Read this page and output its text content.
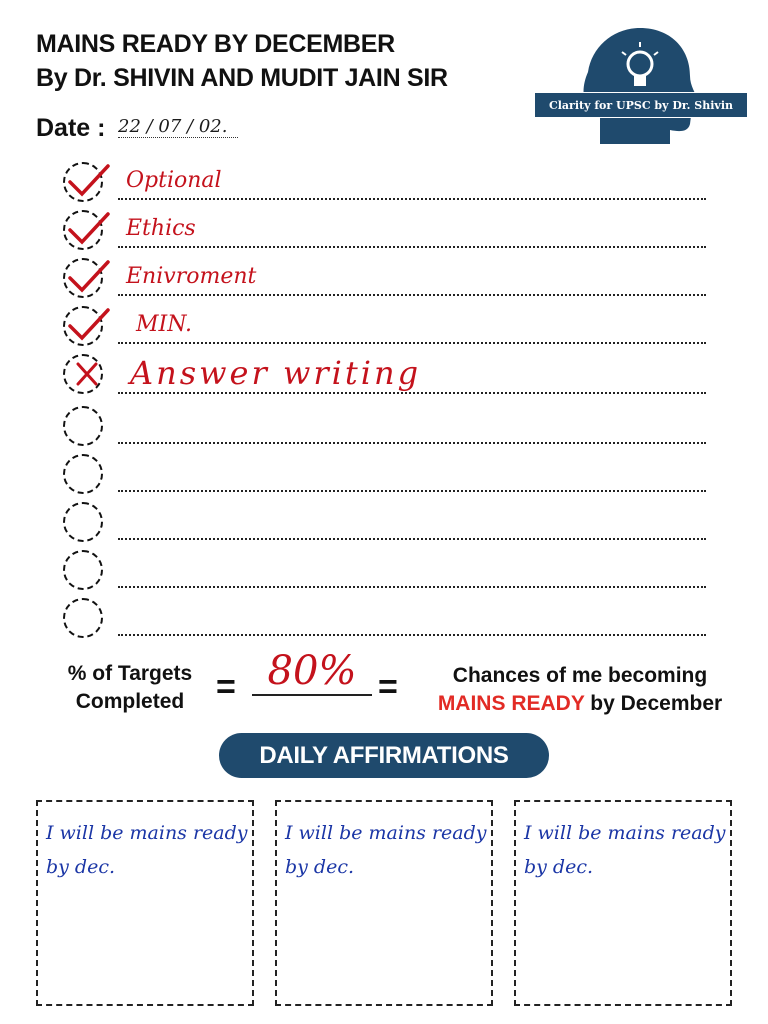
MAINS READY BY DECEMBER
By Dr. SHIVIN AND MUDIT JAIN SIR
Date : 22 / 07 / 02.
Clarity for UPSC by Dr. Shivin
Optional
Ethics
Enivroment
MIN.
Answer writing
% of Targets
Completed = 80% =	Chances of me becoming
MAINS READY by December
DAILY AFFIRMATIONS
I will be mains ready by dec.
I will be mains ready by dec.
I will be mains ready by dec.
